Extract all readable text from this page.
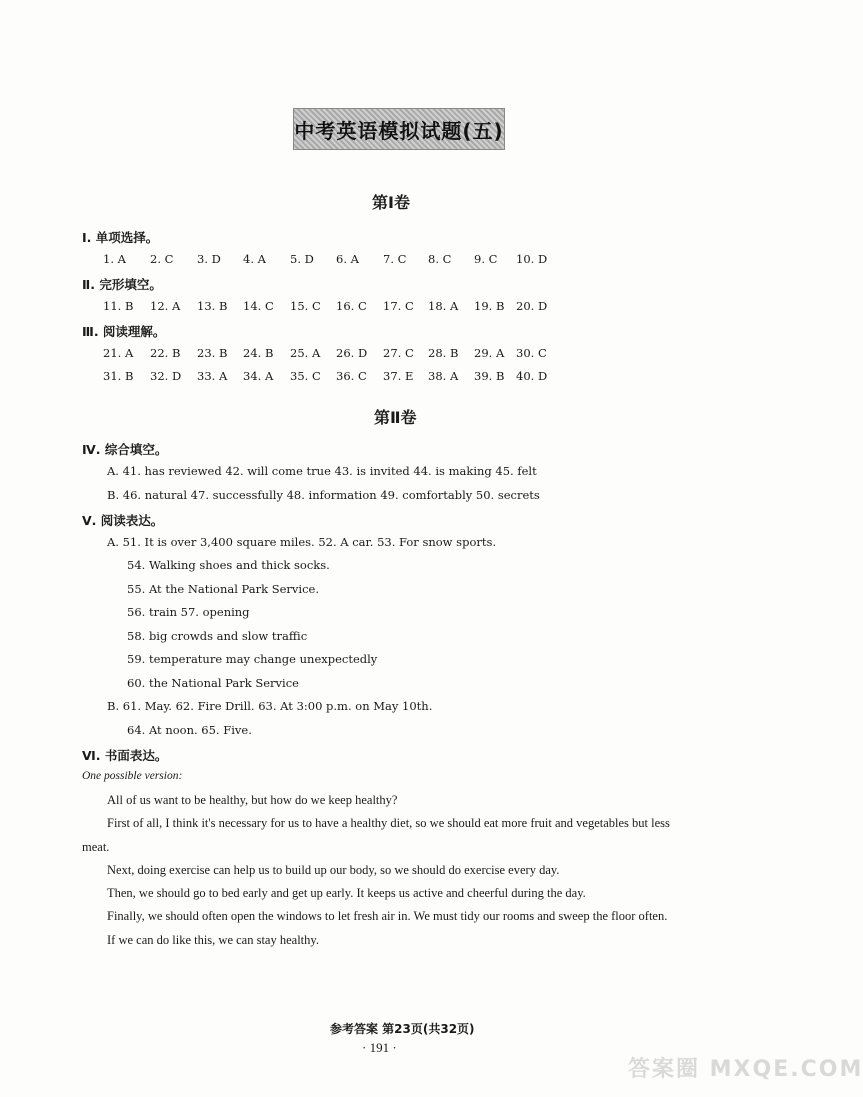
中考英语模拟试题(五)
第Ⅰ卷
Ⅰ. 单项选择。
1. A 2. C 3. D 4. A 5. D 6. A 7. C 8. C 9. C 10. D
Ⅱ. 完形填空。
11. B 12. A 13. B 14. C 15. C 16. C 17. C 18. A 19. B 20. D
Ⅲ. 阅读理解。
21. A 22. B 23. B 24. B 25. A 26. D 27. C 28. B 29. A 30. C
31. B 32. D 33. A 34. A 35. C 36. C 37. E 38. A 39. B 40. D
第Ⅱ卷
Ⅳ. 综合填空。
A. 41. has reviewed 42. will come true 43. is invited 44. is making 45. felt
B. 46. natural 47. successfully 48. information 49. comfortably 50. secrets
Ⅴ. 阅读表达。
A. 51. It is over 3,400 square miles. 52. A car. 53. For snow sports.
54. Walking shoes and thick socks.
55. At the National Park Service.
56. train 57. opening
58. big crowds and slow traffic
59. temperature may change unexpectedly
60. the National Park Service
B. 61. May. 62. Fire Drill. 63. At 3:00 p.m. on May 10th.
64. At noon. 65. Five.
Ⅵ. 书面表达。
One possible version:
All of us want to be healthy, but how do we keep healthy?
First of all, I think it's necessary for us to have a healthy diet, so we should eat more fruit and vegetables but less
meat.
Next, doing exercise can help us to build up our body, so we should do exercise every day.
Then, we should go to bed early and get up early. It keeps us active and cheerful during the day.
Finally, we should often open the windows to let fresh air in. We must tidy our rooms and sweep the floor often.
If we can do like this, we can stay healthy.
参考答案 第23页(共32页)
· 191 ·
答案圈 MXQE.COM
